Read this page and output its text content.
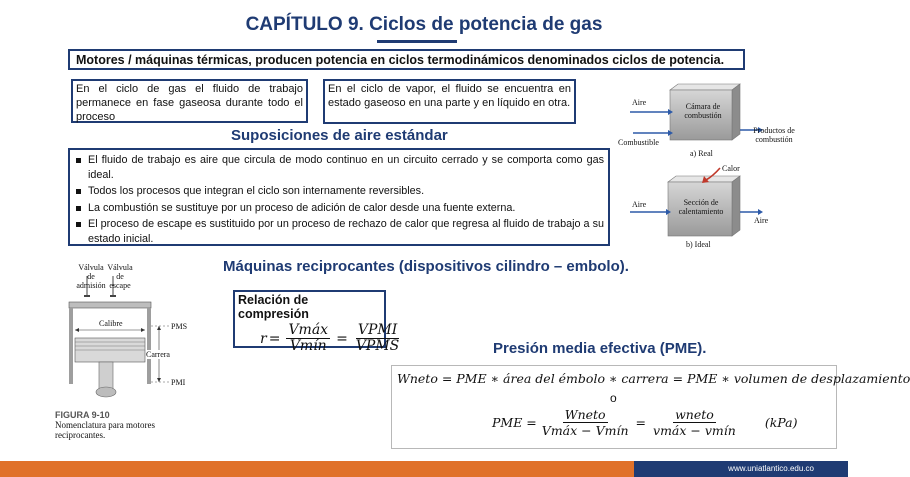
CAPÍTULO 9. Ciclos de potencia de gas
Motores / máquinas térmicas, producen potencia en ciclos termodinámicos denominados ciclos de potencia.
En el ciclo de gas el fluido de trabajo permanece en fase gaseosa durante todo el proceso
En el ciclo de vapor, el fluido se encuentra en estado gaseoso en una parte y en líquido en otra.
Suposiciones de aire estándar
El fluido de trabajo es aire que circula de modo continuo en un circuito cerrado y se comporta como gas ideal.
Todos los procesos que integran el ciclo son internamente reversibles.
La combustión se sustituye por un proceso de adición de calor desde una fuente externa.
El proceso de escape es sustituido por un proceso de rechazo de calor que regresa al fluido de trabajo a su estado inicial.
Aire
Combustible
Cámara de combustión
Productos de combustión
a) Real
Calor
Aire	Sección de calentamiento
Aire
b) Ideal
Máquinas reciprocantes (dispositivos cilindro – embolo).
Válvula de admisión
Válvula de escape
Calibre
Carrera
PMS
PMI
FIGURA 9-10
Nomenclatura para motores reciprocantes.
Relación de compresión
$r = \frac{\text{Vmáx}}{\text{Vmín}} = \frac{\text{VPMI}}{\text{VPMS}}$	Presión media efectiva (PME).
Wneto = PME ∗ área del émbolo ∗ carrera = PME ∗ volumen de desplazamiento
o
PME = $\frac{\text{Wneto}}{\text{Vmáx − Vmín}} = \frac{\text{wneto}}{\text{vmáx − vmín}} (kPa)$
www.uniatlantico.edu.co
